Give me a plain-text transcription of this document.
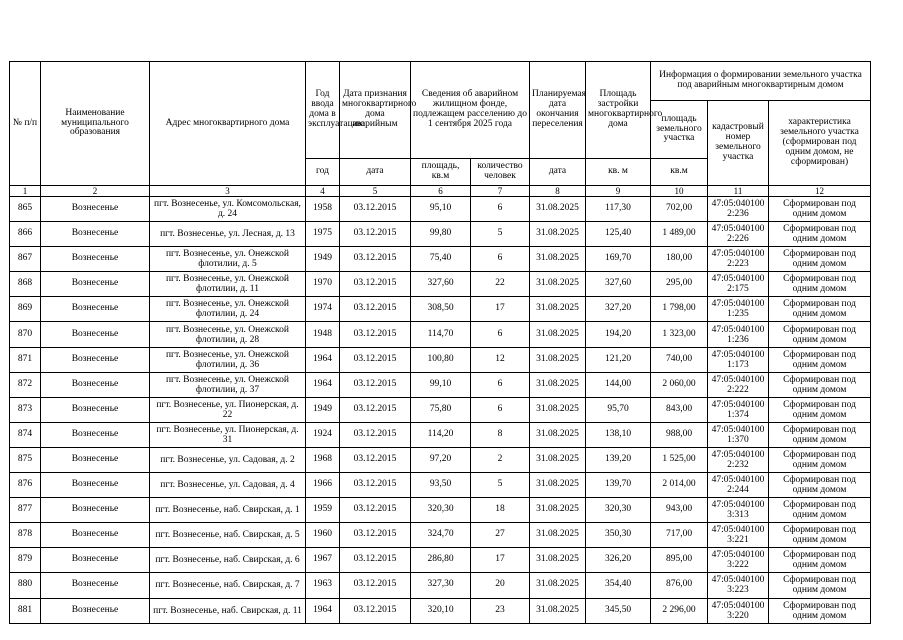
№ п/п	Наименование муниципального образования	Адрес многоквартирного дома	Год ввода дома в эксплуатацию	Дата признания многоквартирного дома аварийным	Сведения об аварийном жилищном фонде, подлежащем расселению до 1 сентября 2025 года		Планируемая дата окончания переселения	Площадь застройки многоквартирного дома	Информация о формировании земельного участка под аварийным многоквартирным домом		
									площадь земельного участка	кадастровый номер земельного участка	характеристика земельного участка (сформирован под одним домом, не сформирован)
			год	дата	площадь, кв.м	количество человек	дата	кв. м	кв.м		
1	2	3	4	5	6	7	8	9	10	11	12
865	Вознесенье	пгт. Вознесенье, ул. Комсомольская, д. 24	1958	03.12.2015	95,10	6	31.08.2025	117,30	702,00	47:05:040100 2:236	Сформирован под одним домом
866	Вознесенье	пгт. Вознесенье, ул. Лесная, д. 13	1975	03.12.2015	99,80	5	31.08.2025	125,40	1 489,00	47:05:040100 2:226	Сформирован под одним домом
867	Вознесенье	пгт. Вознесенье, ул. Онежской флотилии, д. 5	1949	03.12.2015	75,40	6	31.08.2025	169,70	180,00	47:05:040100 2:223	Сформирован под одним домом
868	Вознесенье	пгт. Вознесенье, ул. Онежской флотилии, д. 11	1970	03.12.2015	327,60	22	31.08.2025	327,60	295,00	47:05:040100 2:175	Сформирован под одним домом
869	Вознесенье	пгт. Вознесенье, ул. Онежской флотилии, д. 24	1974	03.12.2015	308,50	17	31.08.2025	327,20	1 798,00	47:05:040100 1:235	Сформирован под одним домом
870	Вознесенье	пгт. Вознесенье, ул. Онежской флотилии, д. 28	1948	03.12.2015	114,70	6	31.08.2025	194,20	1 323,00	47:05:040100 1:236	Сформирован под одним домом
871	Вознесенье	пгт. Вознесенье, ул. Онежской флотилии, д. 36	1964	03.12.2015	100,80	12	31.08.2025	121,20	740,00	47:05:040100 1:173	Сформирован под одним домом
872	Вознесенье	пгт. Вознесенье, ул. Онежской флотилии, д. 37	1964	03.12.2015	99,10	6	31.08.2025	144,00	2 060,00	47:05:040100 2:222	Сформирован под одним домом
873	Вознесенье	пгт. Вознесенье, ул. Пионерская, д. 22	1949	03.12.2015	75,80	6	31.08.2025	95,70	843,00	47:05:040100 1:374	Сформирован под одним домом
874	Вознесенье	пгт. Вознесенье, ул. Пионерская, д. 31	1924	03.12.2015	114,20	8	31.08.2025	138,10	988,00	47:05:040100 1:370	Сформирован под одним домом
875	Вознесенье	пгт. Вознесенье, ул. Садовая, д. 2	1968	03.12.2015	97,20	2	31.08.2025	139,20	1 525,00	47:05:040100 2:232	Сформирован под одним домом
876	Вознесенье	пгт. Вознесенье, ул. Садовая, д. 4	1966	03.12.2015	93,50	5	31.08.2025	139,70	2 014,00	47:05:040100 2:244	Сформирован под одним домом
877	Вознесенье	пгт. Вознесенье, наб. Свирская, д. 1	1959	03.12.2015	320,30	18	31.08.2025	320,30	943,00	47:05:040100 3:313	Сформирован под одним домом
878	Вознесенье	пгт. Вознесенье, наб. Свирская, д. 5	1960	03.12.2015	324,70	27	31.08.2025	350,30	717,00	47:05:040100 3:221	Сформирован под одним домом
879	Вознесенье	пгт. Вознесенье, наб. Свирская, д. 6	1967	03.12.2015	286,80	17	31.08.2025	326,20	895,00	47:05:040100 3:222	Сформирован под одним домом
880	Вознесенье	пгт. Вознесенье, наб. Свирская, д. 7	1963	03.12.2015	327,30	20	31.08.2025	354,40	876,00	47:05:040100 3:223	Сформирован под одним домом
881	Вознесенье	пгт. Вознесенье, наб. Свирская, д. 11	1964	03.12.2015	320,10	23	31.08.2025	345,50	2 296,00	47:05:040100 3:220	Сформирован под одним домом
